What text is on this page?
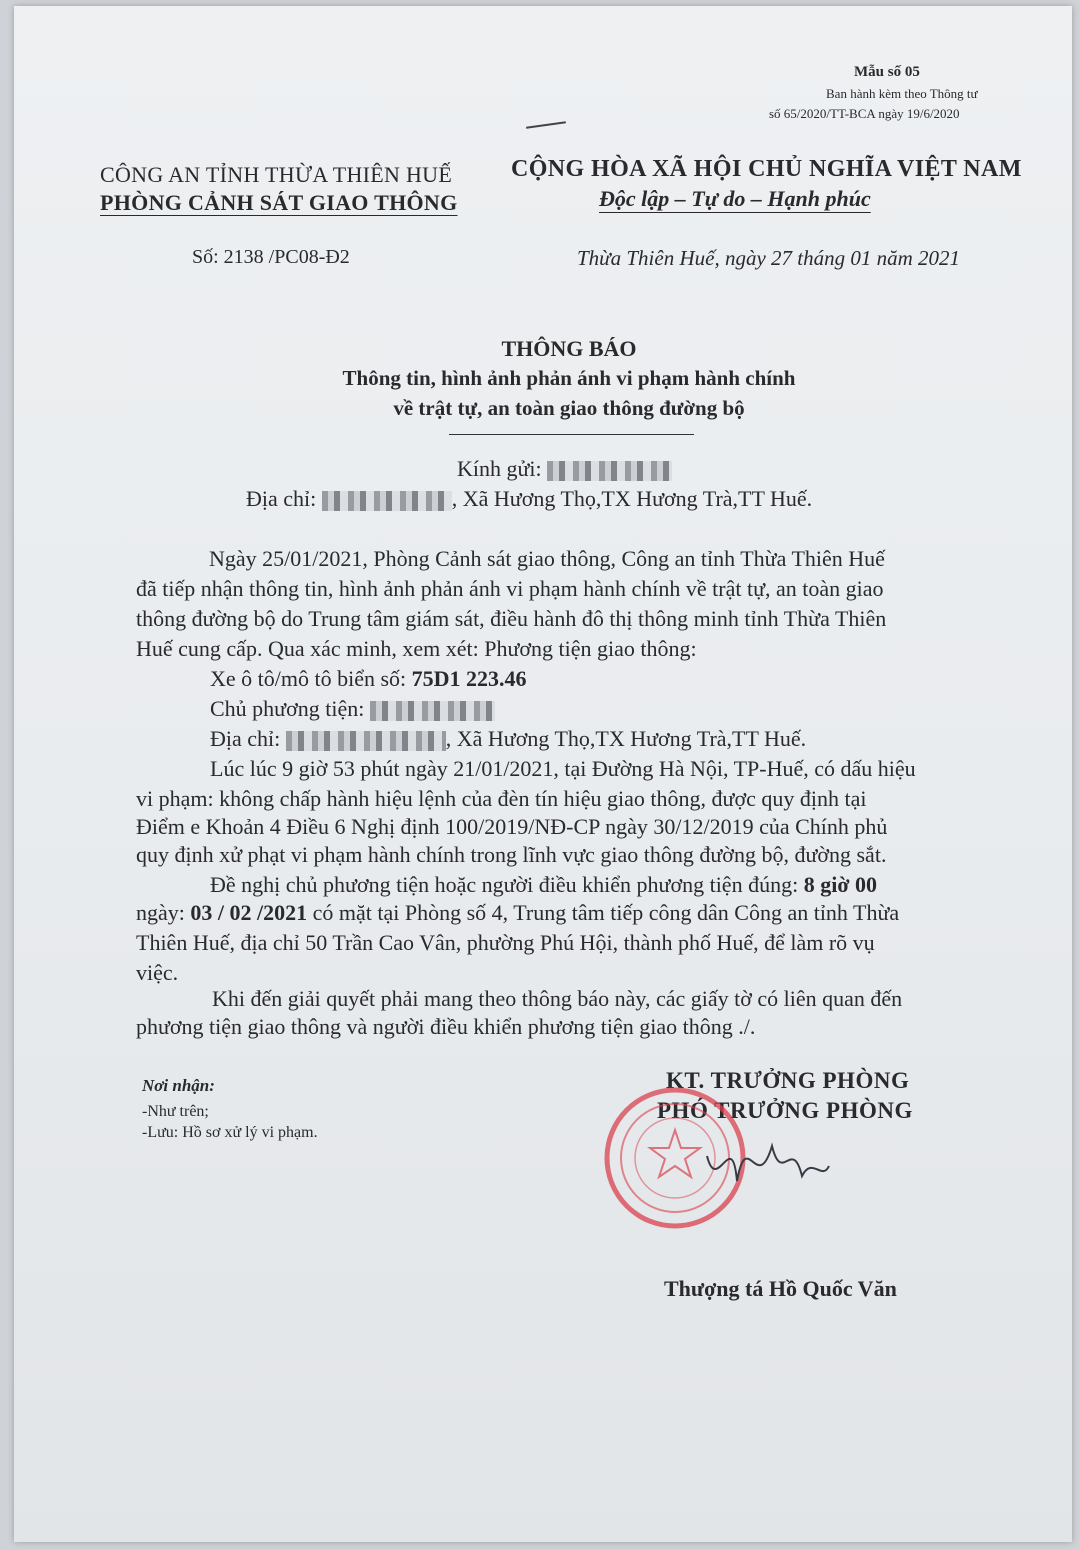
Mẫu số 05
Ban hành kèm theo Thông tư
số 65/2020/TT-BCA ngày 19/6/2020
CÔNG AN TỈNH THỪA THIÊN HUẾ
PHÒNG CẢNH SÁT GIAO THÔNG
CỘNG HÒA XÃ HỘI CHỦ NGHĨA VIỆT NAM
Độc lập – Tự do – Hạnh phúc
Số: 2138 /PC08-Đ2	Thừa Thiên Huế, ngày 27 tháng 01 năm 2021
THÔNG BÁO
Thông tin, hình ảnh phản ánh vi phạm hành chính
về trật tự, an toàn giao thông đường bộ
Kính gửi:
Địa chỉ:	, Xã Hương Thọ,TX Hương Trà,TT Huế.
Ngày 25/01/2021, Phòng Cảnh sát giao thông, Công an tỉnh Thừa Thiên Huế
đã tiếp nhận thông tin, hình ảnh phản ánh vi phạm hành chính về trật tự, an toàn giao
thông đường bộ do Trung tâm giám sát, điều hành đô thị thông minh tỉnh Thừa Thiên
Huế cung cấp. Qua xác minh, xem xét: Phương tiện giao thông:
Xe ô tô/mô tô biển số: 75D1 223.46
Chủ phương tiện:
Địa chỉ:	, Xã Hương Thọ,TX Hương Trà,TT Huế.
Lúc lúc 9 giờ 53 phút ngày 21/01/2021, tại Đường Hà Nội, TP-Huế, có dấu hiệu
vi phạm: không chấp hành hiệu lệnh của đèn tín hiệu giao thông, được quy định tại
Điểm e Khoản 4 Điều 6 Nghị định 100/2019/NĐ-CP ngày 30/12/2019 của Chính phủ
quy định xử phạt vi phạm hành chính trong lĩnh vực giao thông đường bộ, đường sắt.
Đề nghị chủ phương tiện hoặc người điều khiển phương tiện đúng: 8 giờ 00
ngày: 03 / 02 /2021 có mặt tại Phòng số 4, Trung tâm tiếp công dân Công an tỉnh Thừa
Thiên Huế, địa chỉ 50 Trần Cao Vân, phường Phú Hội, thành phố Huế, để làm rõ vụ
việc.
Khi đến giải quyết phải mang theo thông báo này, các giấy tờ có liên quan đến
phương tiện giao thông và người điều khiển phương tiện giao thông ./.
Nơi nhận:
-Như trên;
-Lưu: Hồ sơ xử lý vi phạm.
KT. TRƯỞNG PHÒNG
PHÓ TRƯỞNG PHÒNG
Thượng tá Hồ Quốc Văn
